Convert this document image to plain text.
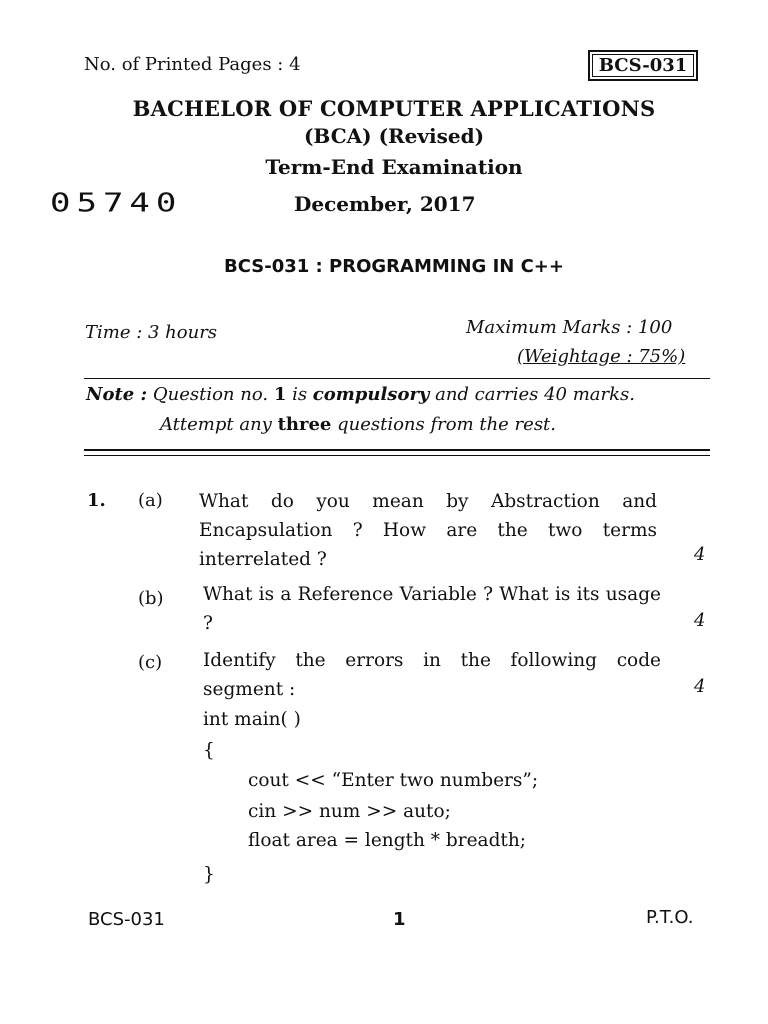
No. of Printed Pages : 4	BCS-031
BACHELOR OF COMPUTER APPLICATIONS
(BCA) (Revised)
Term-End Examination
05740	December, 2017
BCS-031 : PROGRAMMING IN C++
Time : 3 hours	Maximum Marks : 100
(Weightage : 75%)
Note : Question no. 1 is compulsory and carries 40 marks.
Attempt any three questions from the rest.
1. (a) What do you mean by Abstraction and Encapsulation ? How are the two terms interrelated ?	4
(b) What is a Reference Variable ? What is its usage ?	4
(c) Identify the errors in the following code segment :	4
int main( )
{
cout << “Enter two numbers”;
cin >> num >> auto;
float area = length * breadth;
}
BCS-031	1	P.T.O.
